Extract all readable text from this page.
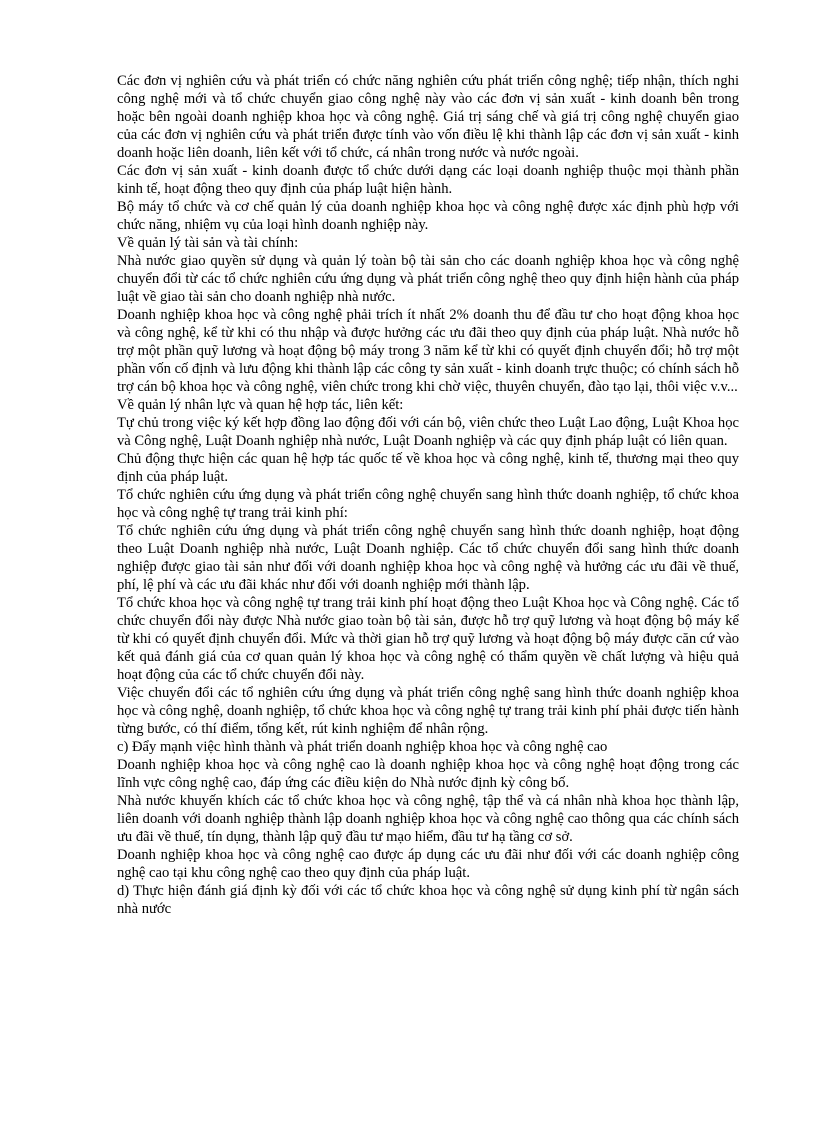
Các đơn vị nghiên cứu và phát triển có chức năng nghiên cứu phát triển công nghệ; tiếp nhận, thích nghi công nghệ mới và tổ chức chuyển giao công nghệ này vào các đơn vị sản xuất - kinh doanh bên trong hoặc bên ngoài doanh nghiệp khoa học và công nghệ. Giá trị sáng chế và giá trị công nghệ chuyển giao của các đơn vị nghiên cứu và phát triển được tính vào vốn điều lệ khi thành lập các đơn vị sản xuất - kinh doanh hoặc liên doanh, liên kết với tổ chức, cá nhân trong nước và nước ngoài.

Các đơn vị sản xuất - kinh doanh được tổ chức dưới dạng các loại doanh nghiệp thuộc mọi thành phần kinh tế, hoạt động theo quy định của pháp luật hiện hành.

Bộ máy tổ chức và cơ chế quản lý của doanh nghiệp khoa học và công nghệ được xác định phù hợp với chức năng, nhiệm vụ của loại hình doanh nghiệp này.

Về quản lý tài sản và tài chính:

Nhà nước giao quyền sử dụng và quản lý toàn bộ tài sản cho các doanh nghiệp khoa học và công nghệ chuyển đổi từ các tổ chức nghiên cứu ứng dụng và phát triển công nghệ theo quy định hiện hành của pháp luật về giao tài sản cho doanh nghiệp nhà nước.

Doanh nghiệp khoa học và công nghệ phải trích ít nhất 2% doanh thu để đầu tư cho hoạt động khoa học và công nghệ, kể từ khi có thu nhập và được hưởng các ưu đãi theo quy định của pháp luật. Nhà nước hỗ trợ một phần quỹ lương và hoạt động bộ máy trong 3 năm kể từ khi có quyết định chuyển đổi; hỗ trợ một phần vốn cố định và lưu động khi thành lập các công ty sản xuất - kinh doanh trực thuộc; có chính sách hỗ trợ cán bộ khoa học và công nghệ, viên chức trong khi chờ việc, thuyên chuyển, đào tạo lại, thôi việc v.v...

Về quản lý nhân lực và quan hệ hợp tác, liên kết:

Tự chủ trong việc ký kết hợp đồng lao động đối với cán bộ, viên chức theo Luật Lao động, Luật Khoa học và Công nghệ, Luật Doanh nghiệp nhà nước, Luật Doanh nghiệp và các quy định pháp luật có liên quan.

Chủ động thực hiện các quan hệ hợp tác quốc tế về khoa học và công nghệ, kinh tế, thương mại theo quy định của pháp luật.

Tổ chức nghiên cứu ứng dụng và phát triển công nghệ chuyển sang hình thức doanh nghiệp, tổ chức khoa học và công nghệ tự trang trải kinh phí:

Tổ chức nghiên cứu ứng dụng và phát triển công nghệ chuyển sang hình thức doanh nghiệp, hoạt động theo Luật Doanh nghiệp nhà nước, Luật Doanh nghiệp. Các tổ chức chuyển đổi sang hình thức doanh nghiệp được giao tài sản như đối với doanh nghiệp khoa học và công nghệ và hưởng các ưu đãi về thuế, phí, lệ phí và các ưu đãi khác như đối với doanh nghiệp mới thành lập.

Tổ chức khoa học và công nghệ tự trang trải kinh phí hoạt động theo Luật Khoa học và Công nghệ. Các tổ chức chuyển đổi này được Nhà nước giao toàn bộ tài sản, được hỗ trợ quỹ lương và hoạt động bộ máy kể từ khi có quyết định chuyển đổi. Mức và thời gian hỗ trợ quỹ lương và hoạt động bộ máy được căn cứ vào kết quả đánh giá của cơ quan quản lý khoa học và công nghệ có thẩm quyền về chất lượng và hiệu quả hoạt động của các tổ chức chuyển đổi này.

Việc chuyển đổi các tổ nghiên cứu ứng dụng và phát triển công nghệ sang hình thức doanh nghiệp khoa học và công nghệ, doanh nghiệp, tổ chức khoa học và công nghệ tự trang trải kinh phí phải được tiến hành từng bước, có thí điểm, tổng kết, rút kinh nghiệm để nhân rộng.

c) Đẩy mạnh việc hình thành và phát triển doanh nghiệp khoa học và công nghệ cao

Doanh nghiệp khoa học và công nghệ cao là doanh nghiệp khoa học và công nghệ hoạt động trong các lĩnh vực công nghệ cao, đáp ứng các điều kiện do Nhà nước định kỳ công bố.

Nhà nước khuyến khích các tổ chức khoa học và công nghệ, tập thể và cá nhân nhà khoa học thành lập, liên doanh với doanh nghiệp thành lập doanh nghiệp khoa học và công nghệ cao thông qua các chính sách ưu đãi về thuế, tín dụng, thành lập quỹ đầu tư mạo hiểm, đầu tư hạ tầng cơ sở.

Doanh nghiệp khoa học và công nghệ cao được áp dụng các ưu đãi như đối với các doanh nghiệp công nghệ cao tại khu công nghệ cao theo quy định của pháp luật.

d) Thực hiện đánh giá định kỳ đối với các tổ chức khoa học và công nghệ sử dụng kinh phí từ ngân sách nhà nước
